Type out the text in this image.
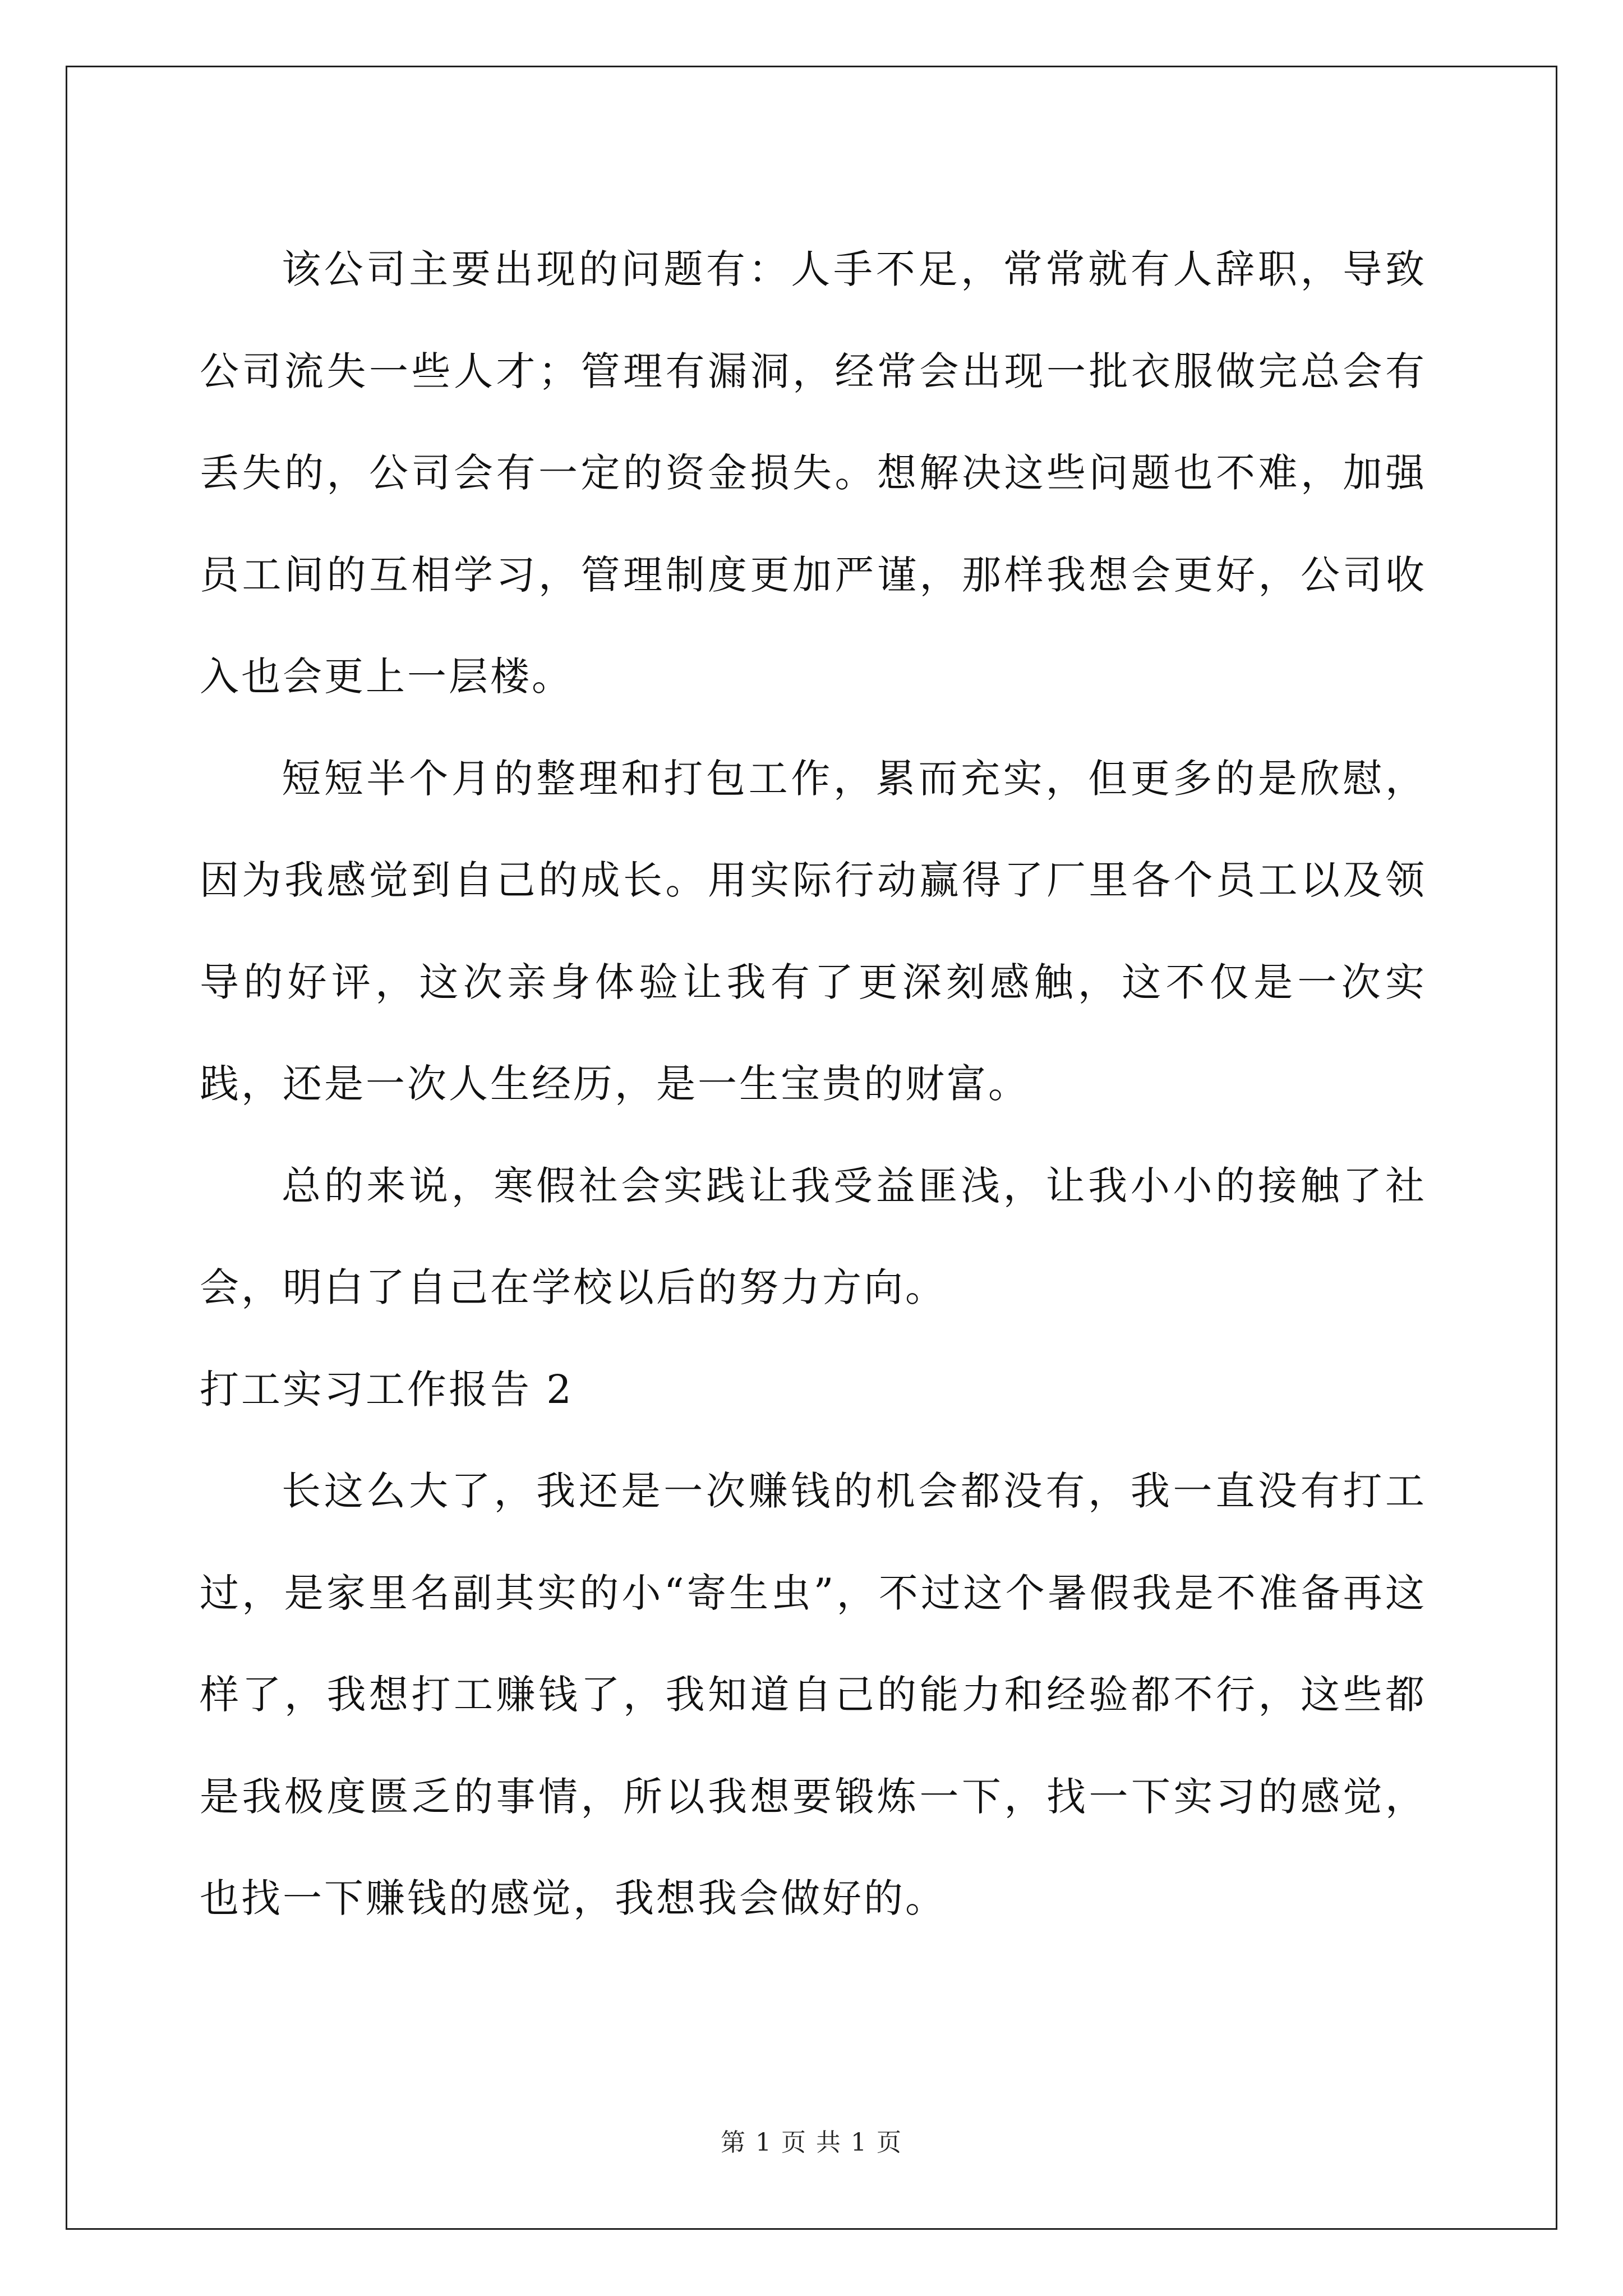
该公司主要出现的问题有：人手不足，常常就有人辞职，导致公司流失一些人才；管理有漏洞，经常会出现一批衣服做完总会有丢失的，公司会有一定的资金损失。想解决这些问题也不难，加强员工间的互相学习，管理制度更加严谨，那样我想会更好，公司收入也会更上一层楼。

短短半个月的整理和打包工作，累而充实，但更多的是欣慰，因为我感觉到自己的成长。用实际行动赢得了厂里各个员工以及领导的好评，这次亲身体验让我有了更深刻感触，这不仅是一次实践，还是一次人生经历，是一生宝贵的财富。

总的来说，寒假社会实践让我受益匪浅，让我小小的接触了社会，明白了自己在学校以后的努力方向。

打工实习工作报告 2

长这么大了，我还是一次赚钱的机会都没有，我一直没有打工过，是家里名副其实的小“寄生虫”，不过这个暑假我是不准备再这样了，我想打工赚钱了，我知道自己的能力和经验都不行，这些都是我极度匮乏的事情，所以我想要锻炼一下，找一下实习的感觉，也找一下赚钱的感觉，我想我会做好的。

第 1 页 共 1 页
